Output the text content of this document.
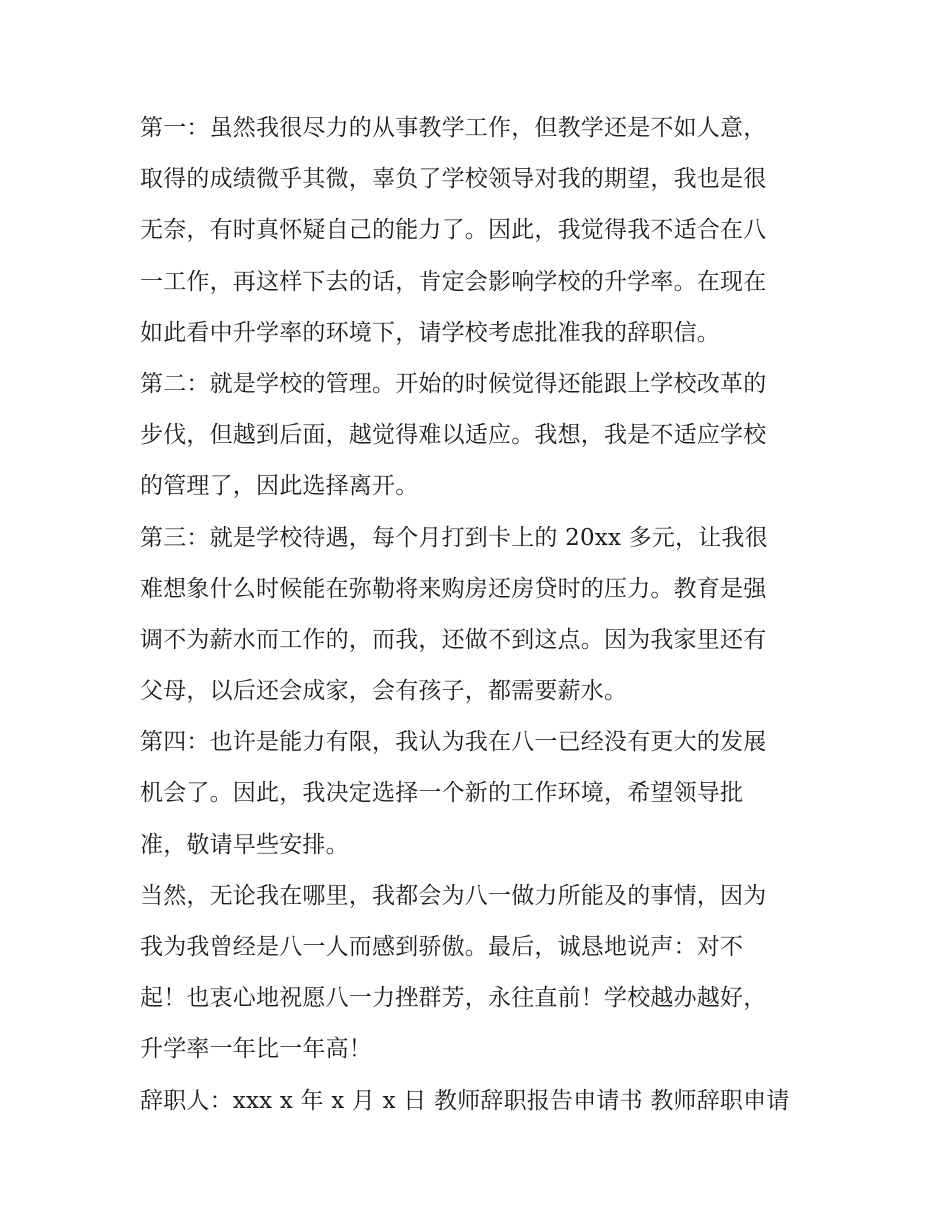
第一：虽然我很尽力的从事教学工作，但教学还是不如人意，
取得的成绩微乎其微，辜负了学校领导对我的期望，我也是很
无奈，有时真怀疑自己的能力了。因此，我觉得我不适合在八
一工作，再这样下去的话，肯定会影响学校的升学率。在现在
如此看中升学率的环境下，请学校考虑批准我的辞职信。
第二：就是学校的管理。开始的时候觉得还能跟上学校改革的
步伐，但越到后面，越觉得难以适应。我想，我是不适应学校
的管理了，因此选择离开。
第三：就是学校待遇，每个月打到卡上的 20xx 多元，让我很
难想象什么时候能在弥勒将来购房还房贷时的压力。教育是强
调不为薪水而工作的，而我，还做不到这点。因为我家里还有
父母，以后还会成家，会有孩子，都需要薪水。
第四：也许是能力有限，我认为我在八一已经没有更大的发展
机会了。因此，我决定选择一个新的工作环境，希望领导批
准，敬请早些安排。
当然，无论我在哪里，我都会为八一做力所能及的事情，因为
我为我曾经是八一人而感到骄傲。最后，诚恳地说声：对不
起！也衷心地祝愿八一力挫群芳，永往直前！学校越办越好，
升学率一年比一年高！
辞职人：xxx x 年 x 月 x 日 教师辞职报告申请书 教师辞职申请
